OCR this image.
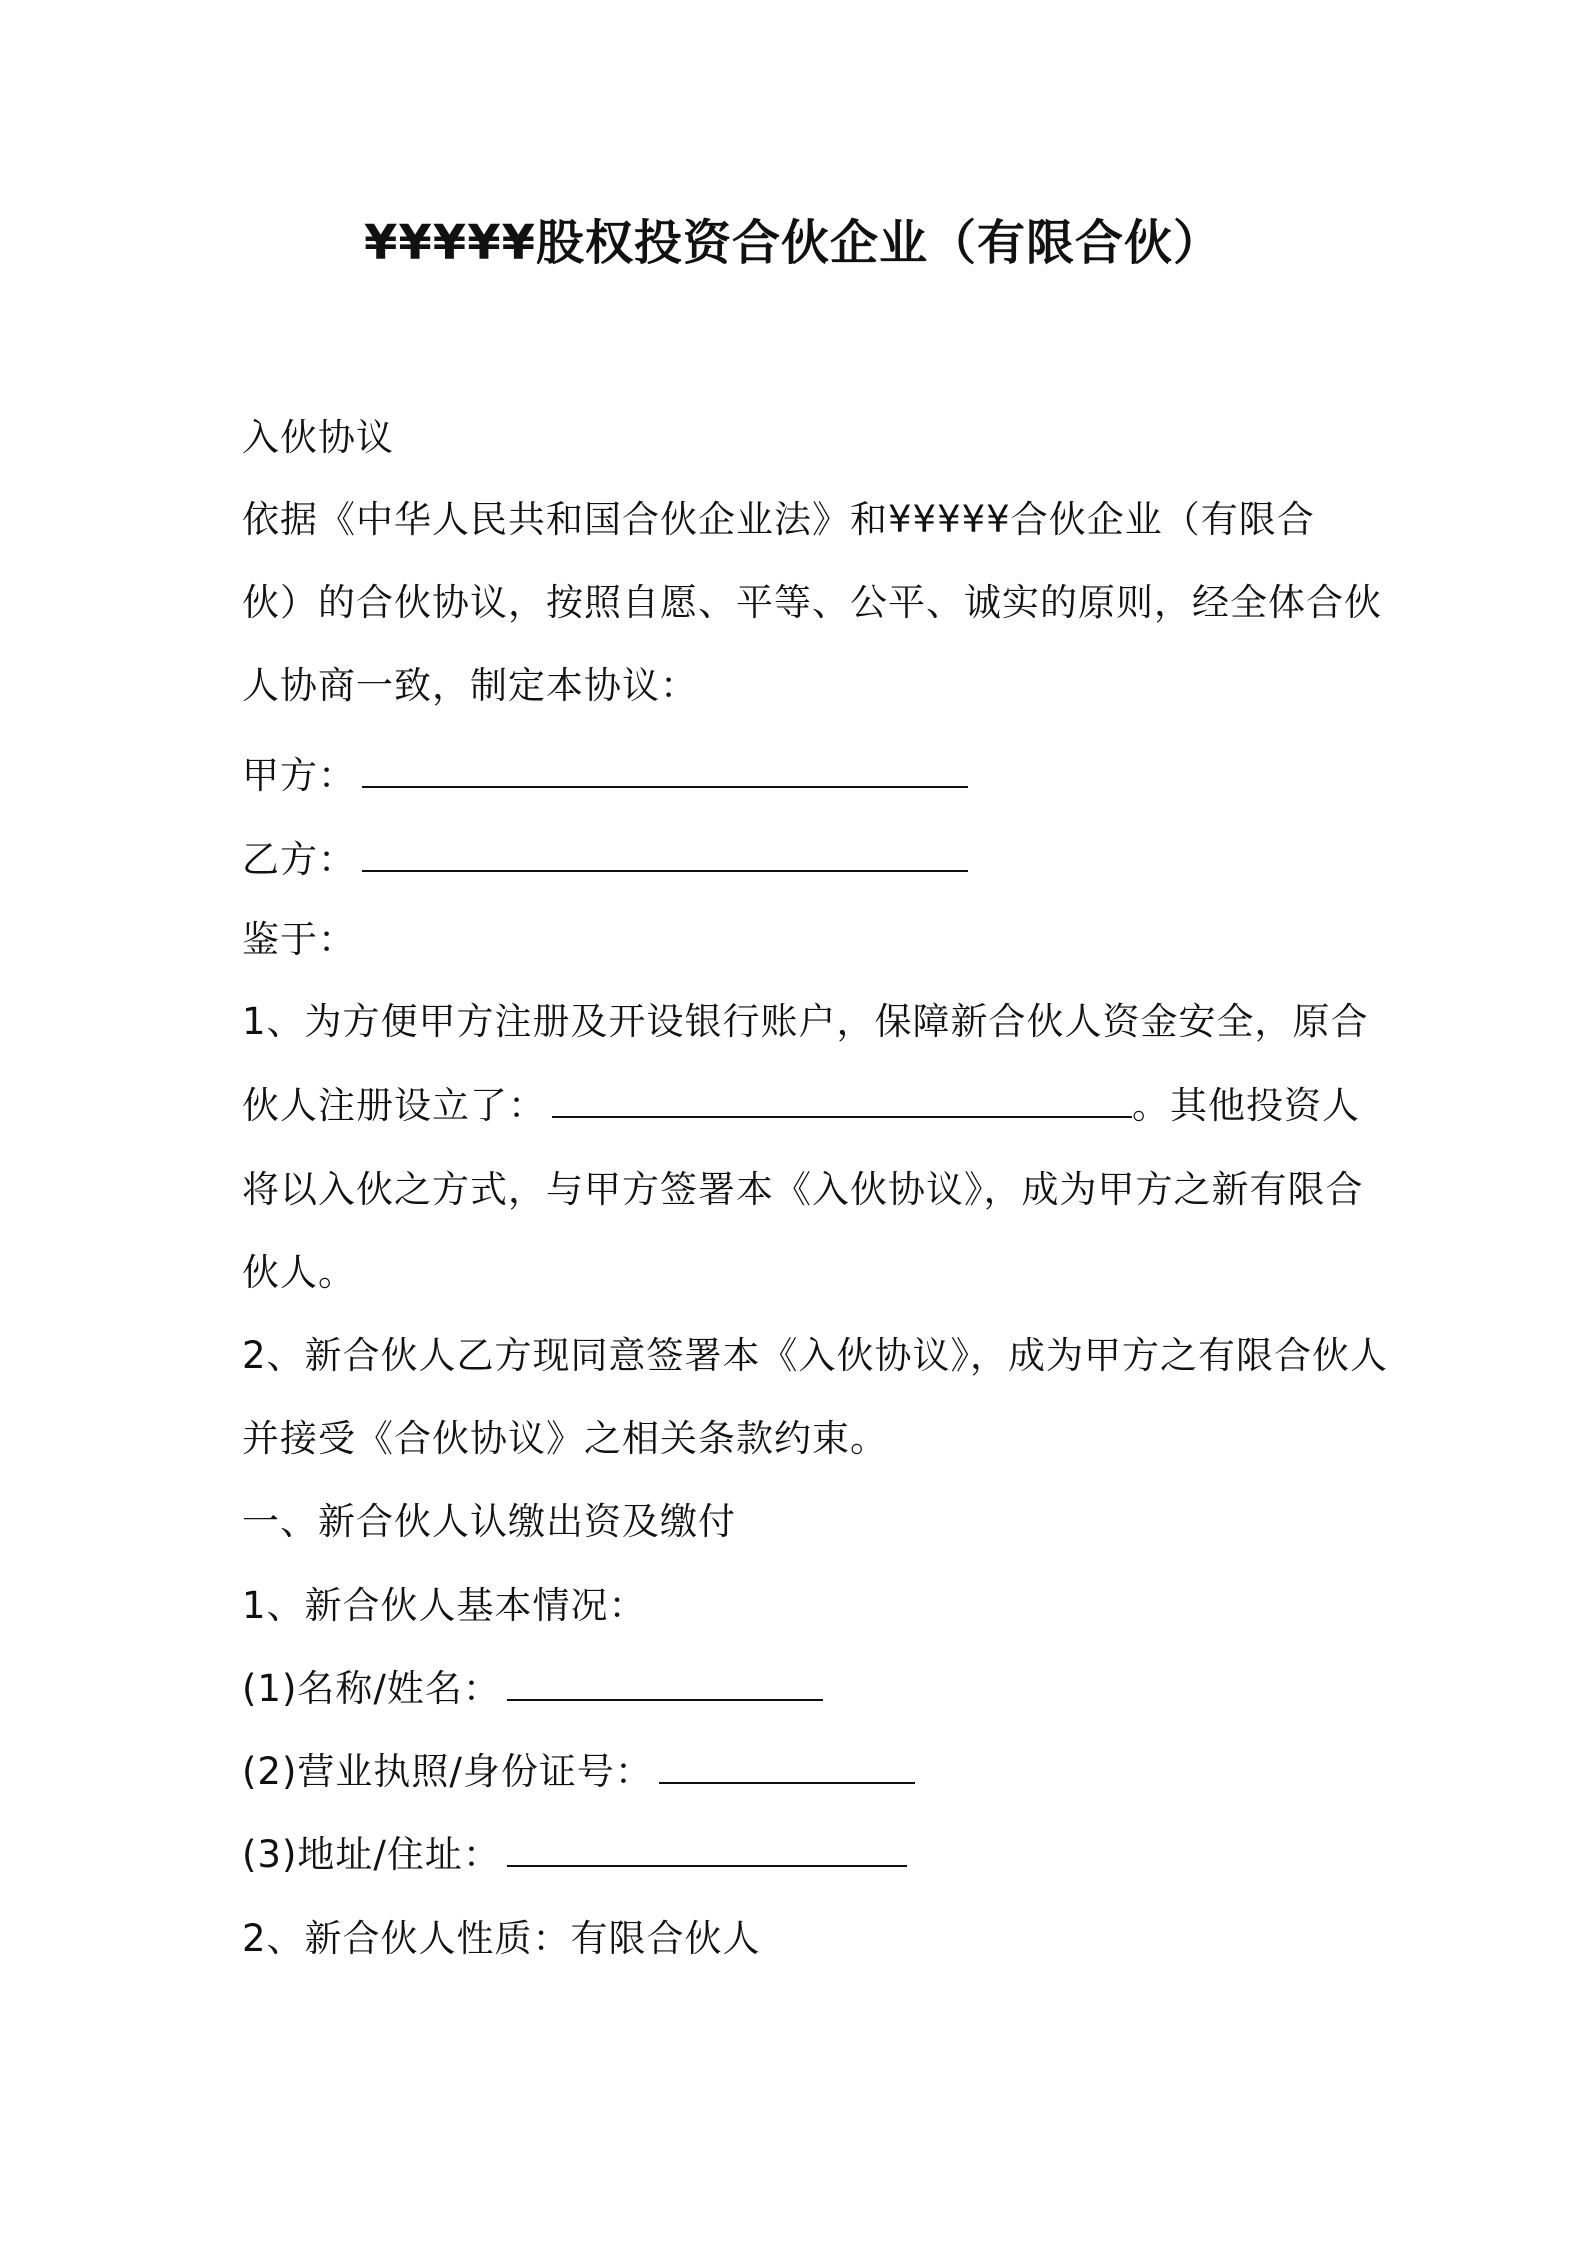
¥¥¥¥¥股权投资合伙企业（有限合伙）
入伙协议
依据《中华人民共和国合伙企业法》和¥¥¥¥¥合伙企业（有限合
伙）的合伙协议，按照自愿、平等、公平、诚实的原则，经全体合伙
人协商一致，制定本协议：
甲方：
乙方：
鉴于：
1、为方便甲方注册及开设银行账户，保障新合伙人资金安全，原合
伙人注册设立了：	。其他投资人
将以入伙之方式，与甲方签署本《入伙协议》，成为甲方之新有限合
伙人。
2、新合伙人乙方现同意签署本《入伙协议》，成为甲方之有限合伙人
并接受《合伙协议》之相关条款约束。
一、新合伙人认缴出资及缴付
1、新合伙人基本情况：
(1)名称/姓名：
(2)营业执照/身份证号：
(3)地址/住址：
2、新合伙人性质：有限合伙人
